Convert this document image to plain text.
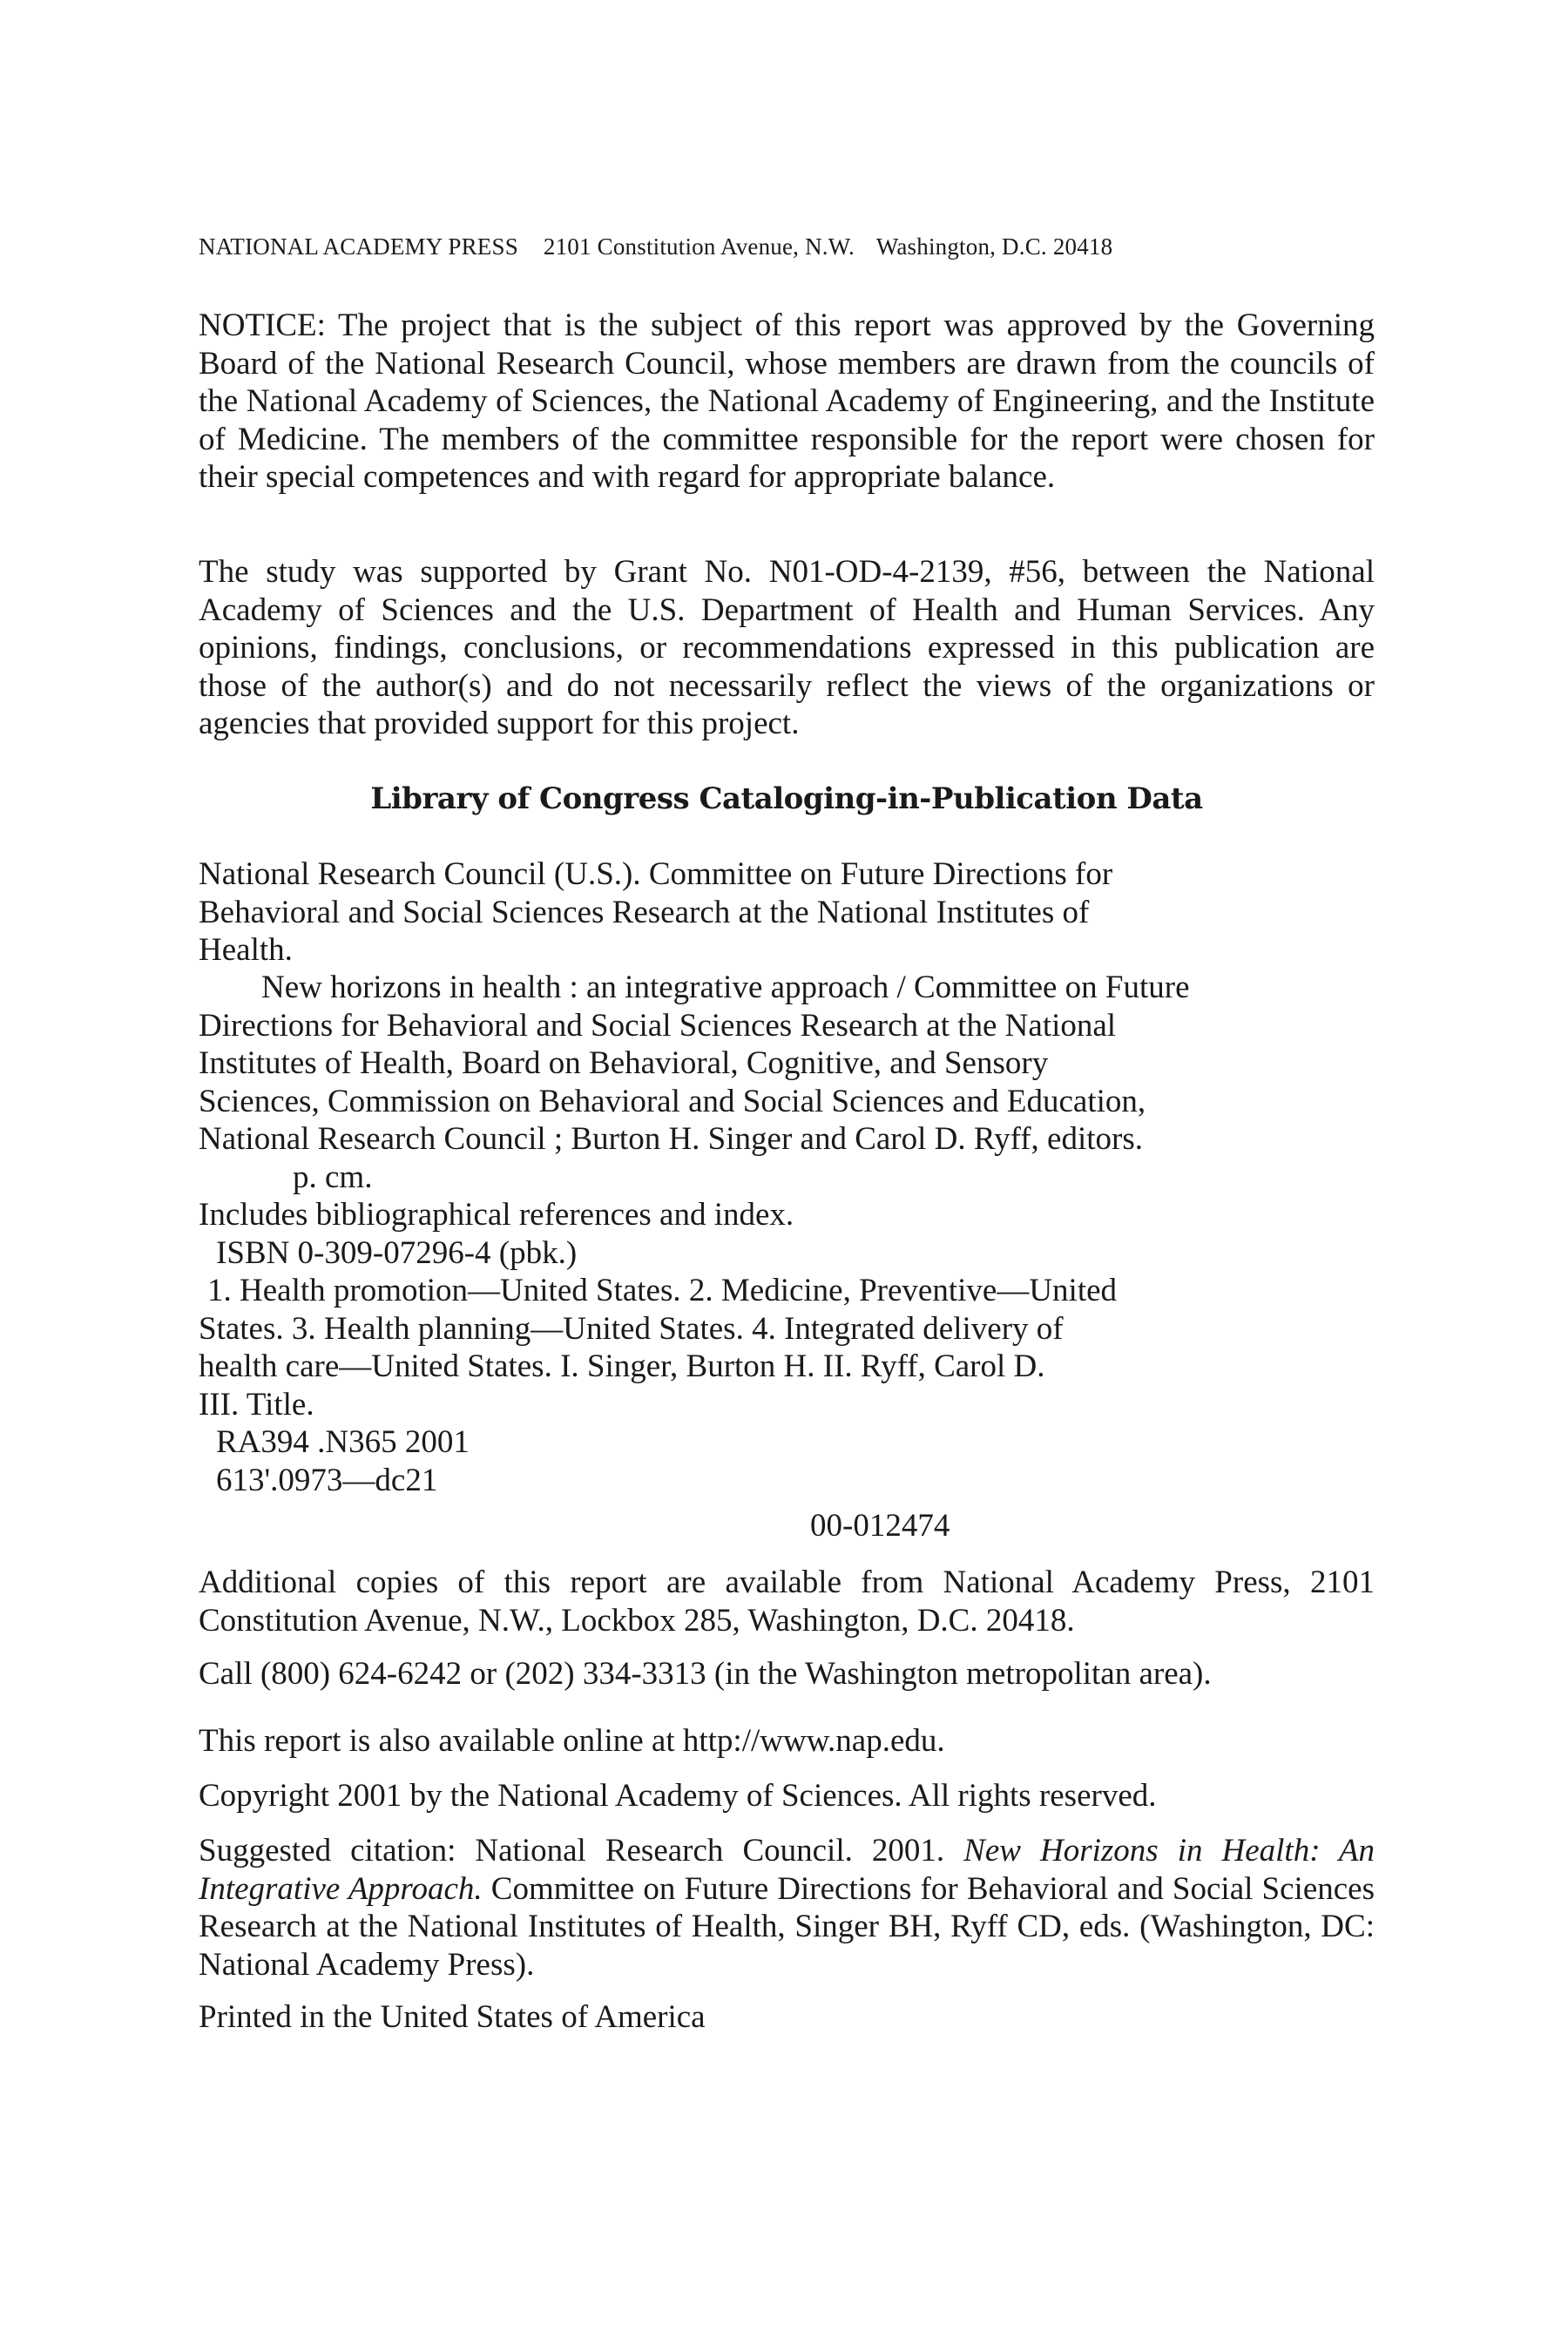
NATIONAL ACADEMY PRESS 2101 Constitution Avenue, N.W. Washington, D.C. 20418
NOTICE: The project that is the subject of this report was approved by the Governing Board of the National Research Council, whose members are drawn from the councils of the National Academy of Sciences, the National Academy of Engineering, and the Institute of Medicine. The members of the committee responsible for the report were chosen for their special competences and with regard for appropriate balance.
The study was supported by Grant No. N01-OD-4-2139, #56, between the National Academy of Sciences and the U.S. Department of Health and Human Services. Any opinions, findings, conclusions, or recommendations expressed in this publication are those of the author(s) and do not necessarily reflect the views of the organizations or agencies that provided support for this project.
Library of Congress Cataloging-in-Publication Data
National Research Council (U.S.). Committee on Future Directions for
Behavioral and Social Sciences Research at the National Institutes of
Health.
New horizons in health : an integrative approach / Committee on Future
Directions for Behavioral and Social Sciences Research at the National
Institutes of Health, Board on Behavioral, Cognitive, and Sensory
Sciences, Commission on Behavioral and Social Sciences and Education,
National Research Council ; Burton H. Singer and Carol D. Ryff, editors.
p. cm.
Includes bibliographical references and index.
ISBN 0-309-07296-4 (pbk.)
1. Health promotion—United States. 2. Medicine, Preventive—United
States. 3. Health planning—United States. 4. Integrated delivery of
health care—United States. I. Singer, Burton H. II. Ryff, Carol D.
III. Title.
RA394 .N365 2001
613'.0973—dc21
00-012474
Additional copies of this report are available from National Academy Press, 2101 Constitution Avenue, N.W., Lockbox 285, Washington, D.C. 20418.
Call (800) 624-6242 or (202) 334-3313 (in the Washington metropolitan area).
This report is also available online at http://www.nap.edu.
Copyright 2001 by the National Academy of Sciences. All rights reserved.
Suggested citation: National Research Council. 2001. New Horizons in Health: An Integrative Approach. Committee on Future Directions for Behavioral and Social Sciences Research at the National Institutes of Health, Singer BH, Ryff CD, eds. (Washington, DC: National Academy Press).
Printed in the United States of America
